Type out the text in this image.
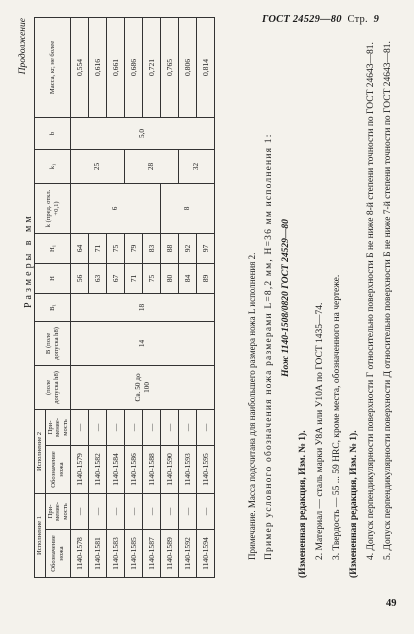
ГОСТ 24529—80 Стр. 9
Продолжение
Размеры в мм
Исполнение 1		Исполнение 2		(поле допуска h8)	B (поле допуска h8)	B₁	H	H₁	k (пред. откл. +0,1)	k₁	b	Масса, кг, не более
Обозначение ножа	При- меняе- мость	Обозначение ножа	При- меняе- мость									
1140-1578	—	1140-1579	—	Св. 50 до 100	14	18	56	64	6	25	5,0	0,554
1140-1581	—	1140-1582	—				63	71				0,616
1140-1583	—	1140-1584	—				67	75				0,661
1140-1585	—	1140-1586	—				71	79		28		0,686
1140-1587	—	1140-1588	—				75	83				0,721
1140-1589	—	1140-1590	—				80	88	8			0,765
1140-1592	—	1140-1593	—				84	92		32		0,806
1140-1594	—	1140-1595	—				89	97				0,814

Примечание. Масса подсчитана для наибольшего размера ножа L исполнения 2. Пример условного обозначения ножа размерами L=8,2 мм, H=36 мм исполнения 1: Нож 1140-1508/0820 ГОСТ 24529—80

(Измененная редакция, Изм. № 1). 2. Материал — сталь марки У8А или У10А по ГОСТ 1435—74. 3. Твердость — 55 ... 59 HRC, кроме места, обозначенного на чертеже. (Измененная редакция, Изм. № 1). 4. Допуск перпендикулярности поверхности Г относительно поверхности Б не ниже 8-й степени точности по ГОСТ 24643—81. 5. Допуск перпендикулярности поверхности Д относительно поверхности Б не ниже 7-й степени точности по ГОСТ 24643—81.

49
